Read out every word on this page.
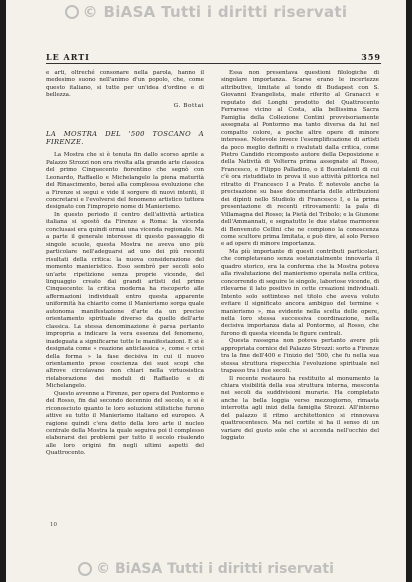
© BiASA Tutti i diritti riservati
LE ARTI	359

e arti, oltreché consonare nella parola, hanno il medesimo suono nell'animo d'un popolo, che, come questo italiano, si tutte per un'idea d'ordine e di bellezza.

G. Bottai
LA MOSTRA DEL '500 TOSCANO A FIRENZE.

La Mostra che si è tenuta fin dallo scorso aprile a Palazzo Strozzi non era rivolta alla grande arte classica del primo Cinquecento fiorentino che segnò con Leonardo, Raffaello e Michelangelo la piena maturità del Rinascimento, bensì alla complessa evoluzione che a Firenze si segui e vide il sorgere di nuovi intenti, il concretarsi e l'evolversi del fenomeno artistico tuttora designato con l'improprio nome di Manierismo.

In questo periodo il centro dell'attività artistica italiana si spostò da Firenze a Roma: la vicenda conclusasi era quindi ormai una vicenda regionale. Ma a parte il generale interesse di questo passaggio di singole scuole, questa Mostra ne aveva uno più particolare nell'adeguarsi ad uno dei più recenti risultati della critica: la nuova considerazione del momento manieristico. Esso sembrò per secoli solo un'arte ripetizione senza proprie vicende, del linguaggio creato dai grandi artisti del primo Cinquecento: la critica moderna ha riscoperto alle affermazioni individuali entro questa apparente uniformità ha chiarito come il Manierismo sorga quale autonoma manifestazione d'arte da un preciso orientamento spirituale diverso da quello dell'arte classica. La stessa denominazione è parsa pertanto impropria a indicare la vera essenza del fenomeno, inadeguata a significarne tutte le manifestazioni. E si è designata come « reazione anticlassica », come « crisi della forma » la fase decisiva in cui il nuovo orientamento prese coscienza dei suoi scopi che altrove circolavano non chiari nella virtuosistica rielaborazione dei moduli di Raffaello e di Michelangelo.

Questo avvenne a Firenze, per opera del Pontormo e del Rosso, fin dal secondo decennio del secolo, e si è riconosciuto quanto le loro soluzioni stilistiche furono attive su tutto il Manierismo italiano ed europeo. A ragione quindi c'era detto della loro arte il nucleo centrale della Mostra la quale seguiva poi il complesso elaborarsi dei problemi per tutto il secolo risalendo alle loro origini fin negli ultimi aspetti del Quattrocento.

Essa non presentava questioni filologiche di singolare importanza. Scarse erano le incertezze attributive, limitate al tondo di Budapest con S. Giovanni Evangelista, male riferito al Granacci e reputato del Longhi prodotto del Quattrocento Ferrarese vicino al Costa, alla bellissima Sacra Famiglia della Collezione Contini provvisoriamente assegnata al Pontormo ma tanto diversa da lui nel compatto colore, a poche altre opere di minore interesse. Notevole invece l'esemplificazione di artisti da poco meglio definiti o rivalutati dalla critica, come Pietro Candido ricomposto autore della Deposizione e della Natività di Volterra prima assegnate al Rosso, Francesco, e Filippo Palladino, o il Buontalenti di cui c'è ora ristuddiato in prova il suo attività pittorica nel ritratto di Francesco I a Prato. È notevole anche la precisazione su base documentaria delle attribuzioni dei dipinti nello Studiolo di Francesco I, e la prima presentazione di recenti ritrovamenti: la pala di Villamagna del Rosso; la Pietà del Tribolo; e la Giunone dell'Ammannati, e segnatutto le due statue marmoree di Benvenuto Cellini che ne compiono la conoscenza come scultore prima limitata, e può dire, al solo Perseo e ad opere di minore importanza.

Ma più importante di questi contributi particolari, che completavano senza sostanzialmente innovarla il quadro storico, era la conferma che la Mostra poteva alla rivalutazione del manierismo operata nella critica, concorrendo di seguire le singole, laboriose vicende, di rilevarne il lato positivo in cette creazioni individuali. Intento solo sottinteso nel titolo che aveva voluto evitare il significato ancora ambiguo del termine « manierismo », ma evidente nella scelta delle opere, nella loro stessa successiva coordinazione, nella decisiva importanza data al Pontormo, al Rosso, che furono di questa vicenda le figure centrali.

Questa rassegna non poteva pertanto avere più appropriata cornice del Palazzo Strozzi: sorto a Firenze tra la fine dell'400 e l'inizio del '500, che fu nella sua stessa struttura rispecchia l'evoluzione spirituale nel trapasso tra i due secoli.

Il recente restauro ha restituito al monumento la chiara visibilità della sua struttura interna, mesconta nei secoli da suddivisioni murarie. Ha completato anche la bella loggia verso mezzogiorno, rimasta interrotta agli inizi della famiglia Strozzi. All'interno del palazzo il ritmo architettonico si rinnovava quattrocentesco. Ma nel cortile si ha il senso di un variare del gusto sole che si accenda nell'occhio del loggiato

10
© BiASA Tutti i diritti riservati
